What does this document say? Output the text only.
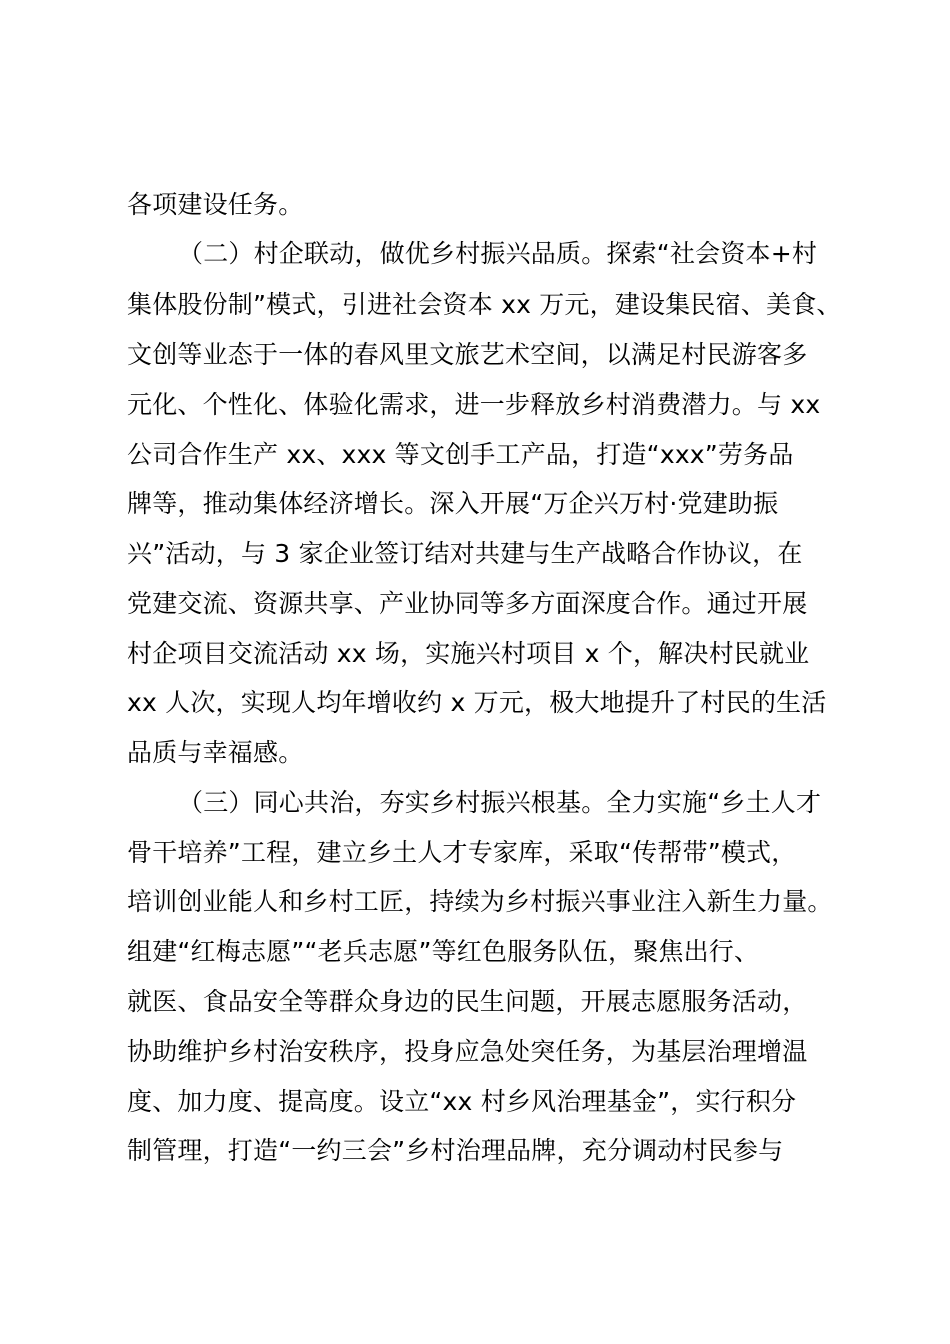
各项建设任务。
（二）村企联动，做优乡村振兴品质。探索“社会资本+村
集体股份制”模式，引进社会资本 xx 万元，建设集民宿、美食、
文创等业态于一体的春风里文旅艺术空间，以满足村民游客多
元化、个性化、体验化需求，进一步释放乡村消费潜力。与 xx
公司合作生产 xx、xxx 等文创手工产品，打造“xxx”劳务品
牌等，推动集体经济增长。深入开展“万企兴万村·党建助振
兴”活动，与 3 家企业签订结对共建与生产战略合作协议，在
党建交流、资源共享、产业协同等多方面深度合作。通过开展
村企项目交流活动 xx 场，实施兴村项目 x 个，解决村民就业
xx 人次，实现人均年增收约 x 万元，极大地提升了村民的生活
品质与幸福感。
（三）同心共治，夯实乡村振兴根基。全力实施“乡土人才
骨干培养”工程，建立乡土人才专家库，采取“传帮带”模式，
培训创业能人和乡村工匠，持续为乡村振兴事业注入新生力量。
组建“红梅志愿”“老兵志愿”等红色服务队伍，聚焦出行、
就医、食品安全等群众身边的民生问题，开展志愿服务活动，
协助维护乡村治安秩序，投身应急处突任务，为基层治理增温
度、加力度、提高度。设立“xx 村乡风治理基金”，实行积分
制管理，打造“一约三会”乡村治理品牌，充分调动村民参与
